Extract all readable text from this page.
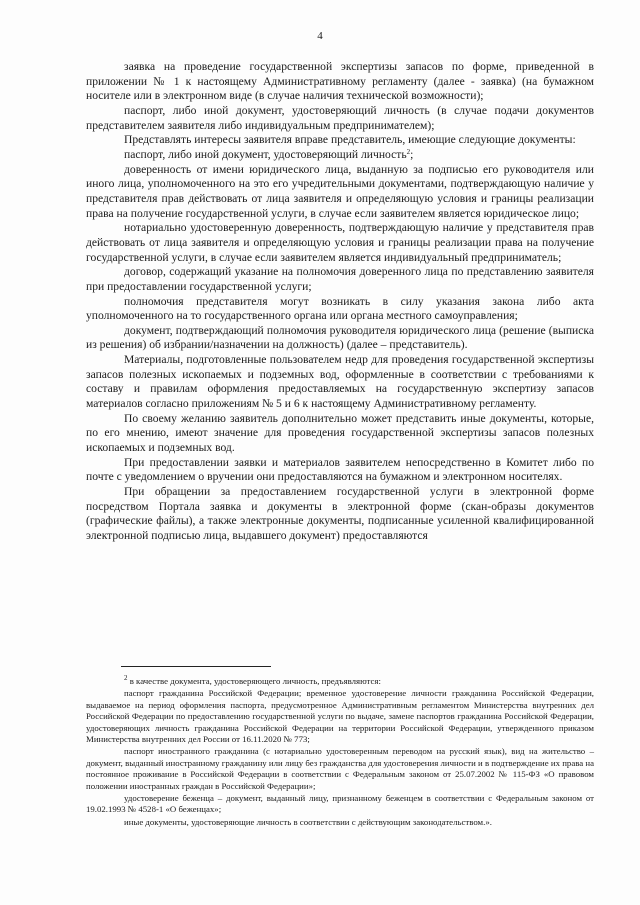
4

заявка на проведение государственной экспертизы запасов по форме, приведенной в приложении № 1 к настоящему Административному регламенту (далее - заявка) (на бумажном носителе или в электронном виде (в случае наличия технической возможности);

паспорт, либо иной документ, удостоверяющий личность (в случае подачи документов представителем заявителя либо индивидуальным предпринимателем);

Представлять интересы заявителя вправе представитель, имеющие следующие документы:

паспорт, либо иной документ, удостоверяющий личность$^2$;

доверенность от имени юридического лица, выданную за подписью его руководителя или иного лица, уполномоченного на это его учредительными документами, подтверждающую наличие у представителя прав действовать от лица заявителя и определяющую условия и границы реализации права на получение государственной услуги, в случае если заявителем является юридическое лицо;

нотариально удостоверенную доверенность, подтверждающую наличие у представителя прав действовать от лица заявителя и определяющую условия и границы реализации права на получение государственной услуги, в случае если заявителем является индивидуальный предприниматель;

договор, содержащий указание на полномочия доверенного лица по представлению заявителя при предоставлении государственной услуги;

полномочия представителя могут возникать в силу указания закона либо акта уполномоченного на то государственного органа или органа местного самоуправления;

документ, подтверждающий полномочия руководителя юридического лица (решение (выписка из решения) об избрании/назначении на должность) (далее – представитель).

Материалы, подготовленные пользователем недр для проведения государственной экспертизы запасов полезных ископаемых и подземных вод, оформленные в соответствии с требованиями к составу и правилам оформления предоставляемых на государственную экспертизу запасов материалов согласно приложениям № 5 и 6 к настоящему Административному регламенту.

По своему желанию заявитель дополнительно может представить иные документы, которые, по его мнению, имеют значение для проведения государственной экспертизы запасов полезных ископаемых и подземных вод.

При предоставлении заявки и материалов заявителем непосредственно в Комитет либо по почте с уведомлением о вручении они предоставляются на бумажном и электронном носителях.

При обращении за предоставлением государственной услуги в электронной форме посредством Портала заявка и документы в электронной форме (скан-образы документов (графические файлы), а также электронные документы, подписанные усиленной квалифицированной электронной подписью лица, выдавшего документ) предоставляются

$^2$ в качестве документа, удостоверяющего личность, предъявляются:

паспорт гражданина Российской Федерации; временное удостоверение личности гражданина Российской Федерации, выдаваемое на период оформления паспорта, предусмотренное Административным регламентом Министерства внутренних дел Российской Федерации по предоставлению государственной услуги по выдаче, замене паспортов гражданина Российской Федерации, удостоверяющих личность гражданина Российской Федерации на территории Российской Федерации, утвержденного приказом Министерства внутренних дел России от 16.11.2020 № 773;

паспорт иностранного гражданина (с нотариально удостоверенным переводом на русский язык), вид на жительство – документ, выданный иностранному гражданину или лицу без гражданства для удостоверения личности и в подтверждение их права на постоянное проживание в Российской Федерации в соответствии с Федеральным законом от 25.07.2002 № 115-ФЗ «О правовом положении иностранных граждан в Российской Федерации»;

удостоверение беженца – документ, выданный лицу, признанному беженцем в соответствии с Федеральным законом от 19.02.1993 № 4528-1 «О беженцах»;

иные документы, удостоверяющие личность в соответствии с действующим законодательством.».
